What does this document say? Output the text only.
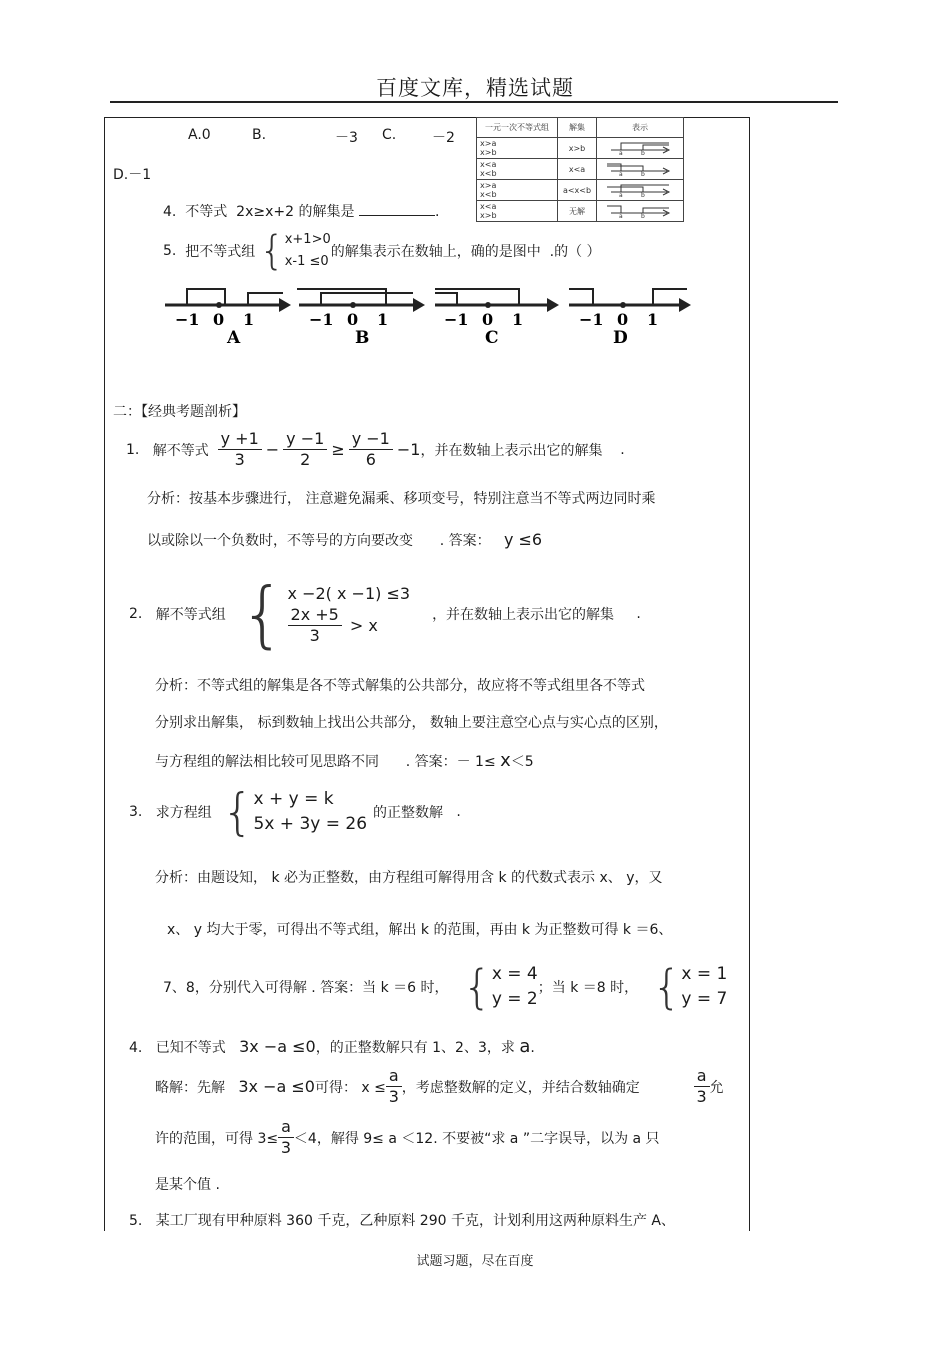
百度文库，精选试题
A.0	B.	－3 C.	－2
D.－1
一元一次不等式组	解集	表示
x>a
x>b	x>b	a b

x<a
x<b	x<a	a b

x>a
x<b	a<x<b	a b

x<a
x>b	无解	a b
4. 不等式 2x≥x+2 的解集是	.
5.
把不等式组 { x+1>0
x-1 ≤0
的解集表示在数轴上，确的是图中
.的（ ）
−1 0 1
A
−1 0 1
B
−1 0 1
C
−1 0 1
D
二：【经典考题剖析】
1.
解不等式
$\frac{y +1}{3} - \frac{y -1}{2} \ge \frac{y -1}{6} -1$ ，并在数轴上表示出它的解集
.
分析：按基本步骤进行， 注意避免漏乘、移项变号，特别注意当不等式两边同时乘
以或除以一个负数时，不等号的方向要改变 . 答案： y ≤6
2.
解不等式组 { x −2( x −1) ≤3
$\frac{2x +5}{3} > x$
，并在数轴上表示出它的解集
.
分析：不等式组的解集是各不等式解集的公共部分，故应将不等式组里各不等式
分别求出解集， 标到数轴上找出公共部分， 数轴上要注意空心点与实心点的区别，
与方程组的解法相比较可见思路不同 . 答案：－ 1≤ x＜5
3.
求方程组 { x + y = k
5x + 3y = 26
的正整数解
.
分析：由题设知， k 必为正整数，由方程组可解得用含 k 的代数式表示 x、 y，又
x、 y 均大于零，可得出不等式组，解出 k 的范围，再由 k 为正整数可得 k ＝6、
7、8，分别代入可得解 . 答案：当 k ＝6 时， { x = 4
y = 2
；当 k ＝8 时， { x = 1
y = 7
4. 已知不等式 3x −a ≤0，的正整数解只有 1、2、3，求 a.
略解：先解
3x −a ≤0 可得： $x \le \frac{a}{3}$ ，考虑整数解的定义，并结合数轴确定	$\frac{a}{3}$ 允
许的范围，可得 $3\le \frac{a}{3} <4$，解得 9≤ a ＜12. 不要被“求 a ”二字误导，以为 a 只
是某个值 .
5. 某工厂现有甲种原料 360 千克，乙种原料 290 千克，计划利用这两种原料生产 A、
试题习题，尽在百度
